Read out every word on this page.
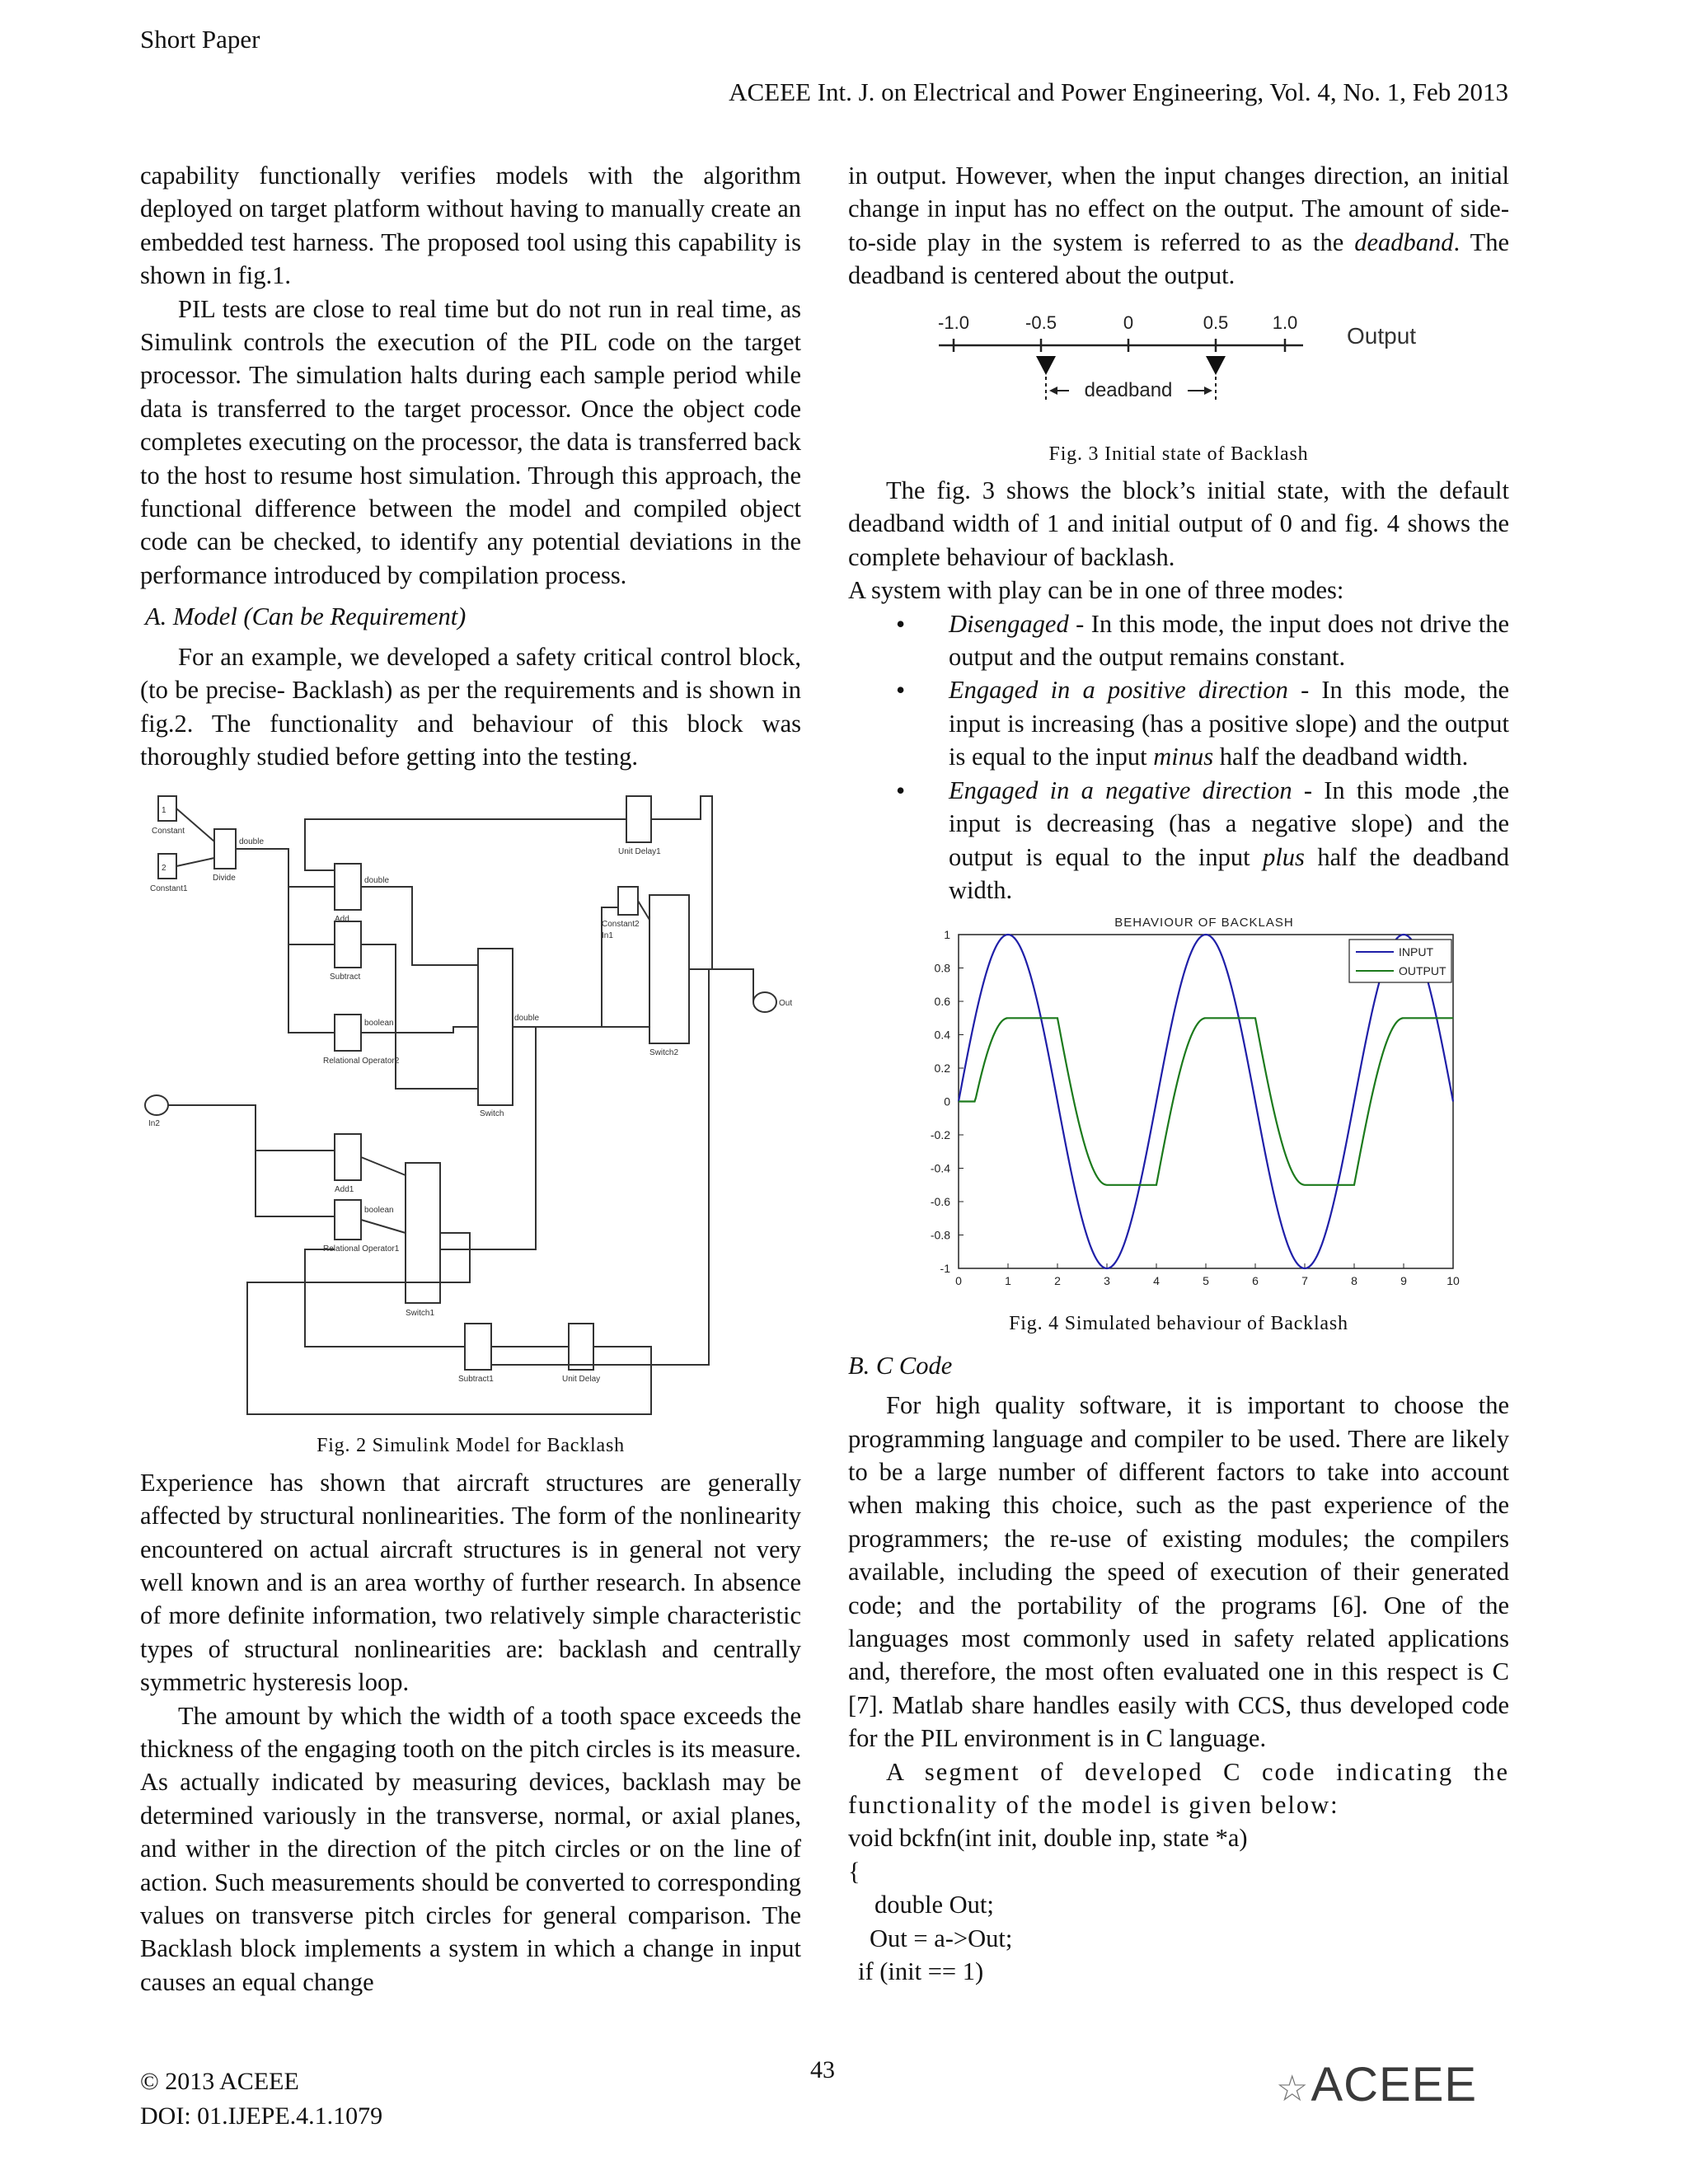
Short Paper
ACEEE Int. J. on Electrical and Power Engineering, Vol. 4, No. 1, Feb 2013

capability functionally verifies models with the algorithm deployed on target platform without having to manually create an embedded test harness. The proposed tool using this capability is shown in fig.1.

PIL tests are close to real time but do not run in real time, as Simulink controls the execution of the PIL code on the target processor. The simulation halts during each sample period while data is transferred to the target processor. Once the object code completes executing on the processor, the data is transferred back to the host to resume host simulation. Through this approach, the functional difference between the model and compiled object code can be checked, to identify any potential deviations in the performance introduced by compilation process.

A. Model (Can be Requirement)

For an example, we developed a safety critical control block, (to be precise- Backlash) as per the requirements and is shown in fig.2. The functionality and behaviour of this block was thoroughly studied before getting into the testing.

1
2
Constant
Constant1
Divide
Add
Subtract
Relational Operator2
In2
Add1
Relational Operator1
Switch
Switch1
Switch2
Unit Delay1
Unit Delay
Subtract1
Constant2
In1
Out
double
double
boolean
double
boolean
Fig. 2 Simulink Model for Backlash

Experience has shown that aircraft structures are generally affected by structural nonlinearities. The form of the nonlinearity encountered on actual aircraft structures is in general not very well known and is an area worthy of further research. In absence of more definite information, two relatively simple characteristic types of structural nonlinearities are: backlash and centrally symmetric hysteresis loop.

The amount by which the width of a tooth space exceeds the thickness of the engaging tooth on the pitch circles is its measure. As actually indicated by measuring devices, backlash may be determined variously in the transverse, normal, or axial planes, and wither in the direction of the pitch circles or on the line of action. Such measurements should be converted to corresponding values on transverse pitch circles for general comparison. The Backlash block implements a system in which a change in input causes an equal change

in output. However, when the input changes direction, an initial change in input has no effect on the output. The amount of side-to-side play in the system is referred to as the deadband. The deadband is centered about the output.

-1.0	-0.5	0	0.5 1.0
Output
deadband
Fig. 3 Initial state of Backlash

The fig. 3 shows the block’s initial state, with the default deadband width of 1 and initial output of 0 and fig. 4 shows the complete behaviour of backlash.

A system with play can be in one of three modes:

• Disengaged - In this mode, the input does not drive the output and the output remains constant.
• Engaged in a positive direction - In this mode, the input is increasing (has a positive slope) and the output is equal to the input minus half the deadband width.
• Engaged in a negative direction - In this mode ,the input is decreasing (has a negative slope) and the output is equal to the input plus half the deadband width.
BEHAVIOUR OF BACKLASH
1
0.8
0.6
0.4
0.2
0
-0.2
-0.4
-0.6
-0.8
-1
0	1	2	3	4	5	6	7	8	9	10
INPUT
OUTPUT
Fig. 4 Simulated behaviour of Backlash

B. C Code

For high quality software, it is important to choose the programming language and compiler to be used. There are likely to be a large number of different factors to take into account when making this choice, such as the past experience of the programmers; the re-use of existing modules; the compilers available, including the speed of execution of their generated code; and the portability of the programs [6]. One of the languages most commonly used in safety related applications and, therefore, the most often evaluated one in this respect is C [7]. Matlab share handles easily with CCS, thus developed code for the PIL environment is in C language.

A segment of developed C code indicating the functionality of the model is given below:

void bckfn(int init, double inp, state *a)
{
double Out;
Out = a->Out;
if (init == 1)
© 2013 ACEEE
DOI: 01.IJEPE.4.1.1079
43	☆ACEEE
